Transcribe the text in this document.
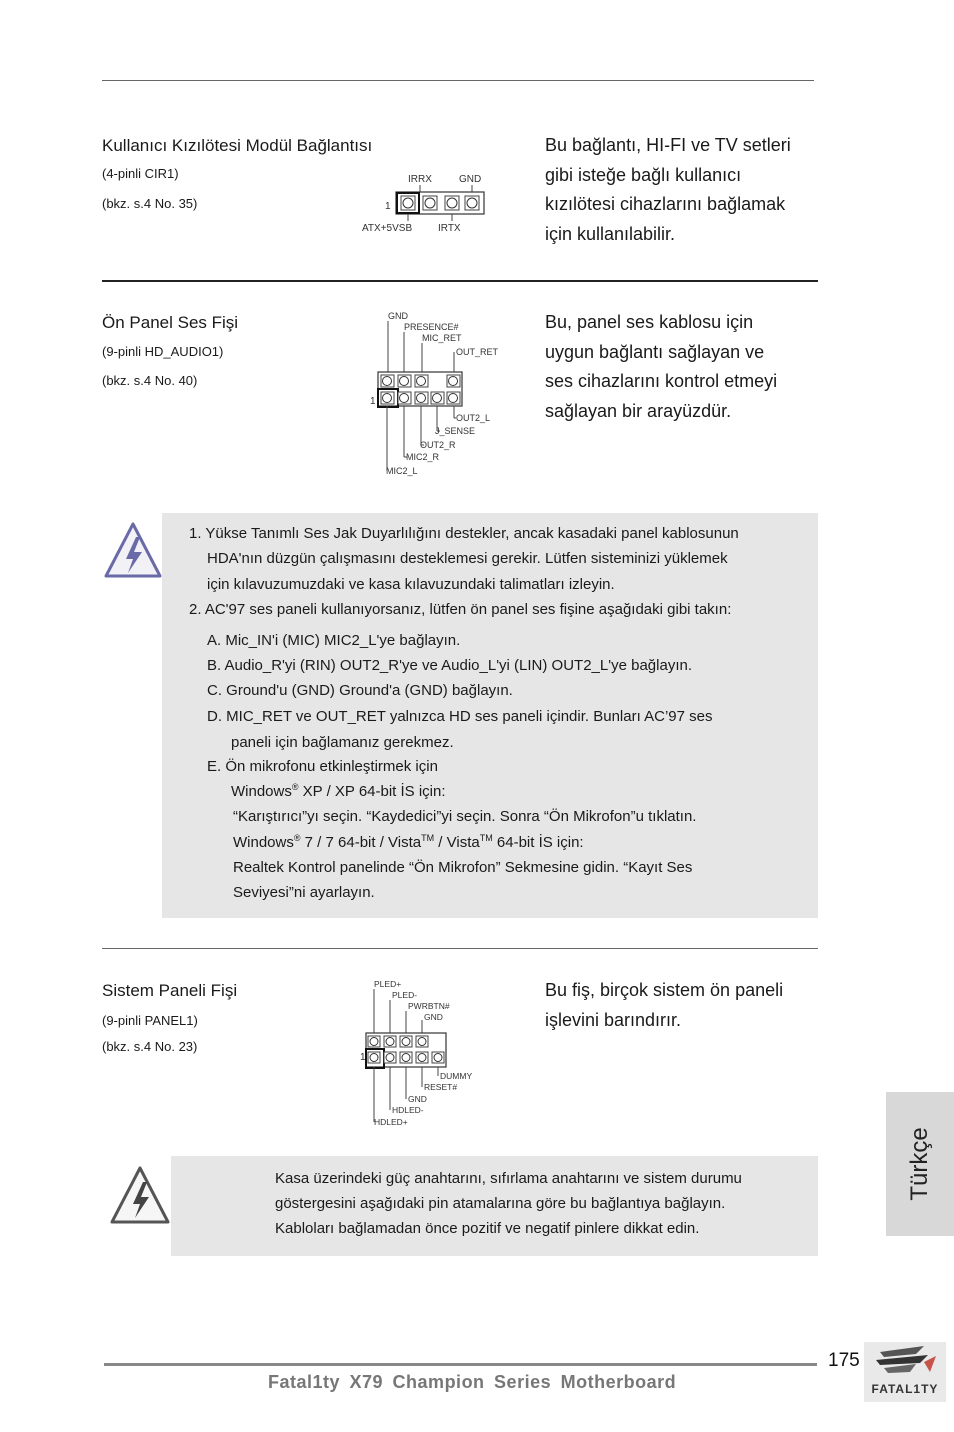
Kullanıcı Kızılötesi Modül Bağlantısı
(4-pinli CIR1)
(bkz. s.4 No. 35)
IRRX	GND
1
ATX+5VSB	IRTX
Bu bağlantı, HI-FI ve TV setleri
gibi isteğe bağlı kullanıcı
kızılötesi cihazlarını bağlamak
için kullanılabilir.
Ön Panel Ses Fişi
(9-pinli HD_AUDIO1)
(bkz. s.4 No. 40)
GND
PRESENCE#
MIC_RET
OUT_RET
1
OUT2_L
J_SENSE
OUT2_R
MIC2_R
MIC2_L
Bu, panel ses kablosu için
uygun bağlantı sağlayan ve
ses cihazlarını kontrol etmeyi
sağlayan bir arayüzdür.
1. Yükse Tanımlı Ses Jak Duyarlılığını destekler, ancak kasadaki panel kablosunun
HDA'nın düzgün çalışmasını desteklemesi gerekir. Lütfen sisteminizi yüklemek
için kılavuzumuzdaki ve kasa kılavuzundaki talimatları izleyin.
2. AC'97 ses paneli kullanıyorsanız, lütfen ön panel ses fişine aşağıdaki gibi takın:
A. Mic_IN'i (MIC) MIC2_L'ye bağlayın.
B. Audio_R'yi (RIN) OUT2_R'ye ve Audio_L'yi (LIN) OUT2_L'ye bağlayın.
C. Ground'u (GND) Ground'a (GND) bağlayın.
D. MIC_RET ve OUT_RET yalnızca HD ses paneli içindir. Bunları AC’97 ses
paneli için bağlamanız gerekmez.
E. Ön mikrofonu etkinleştirmek için
Windows® XP / XP 64-bit İS için:
“Karıştırıcı”yı seçin. “Kaydedici”yi seçin. Sonra “Ön Mikrofon”u tıklatın.
Windows® 7 / 7 64-bit / Vista™ / Vista™ 64-bit İS için:
Realtek Kontrol panelinde “Ön Mikrofon” Sekmesine gidin. “Kayıt Ses
Seviyesi”ni ayarlayın.
Sistem Paneli Fişi
(9-pinli PANEL1)
(bkz. s.4 No. 23)
PLED+
PLED-
PWRBTN#
GND
1
DUMMY
RESET#
GND
HDLED-
HDLED+
Bu fiş, birçok sistem ön paneli
işlevini barındırır.
Kasa üzerindeki güç anahtarını, sıfırlama anahtarını ve sistem durumu
göstergesini aşağıdaki pin atamalarına göre bu bağlantıya bağlayın.
Kabloları bağlamadan önce pozitif ve negatif pinlere dikkat edin.
Türkçe
175
Fatal1ty X79 Champion Series Motherboard	FATAL1TY
